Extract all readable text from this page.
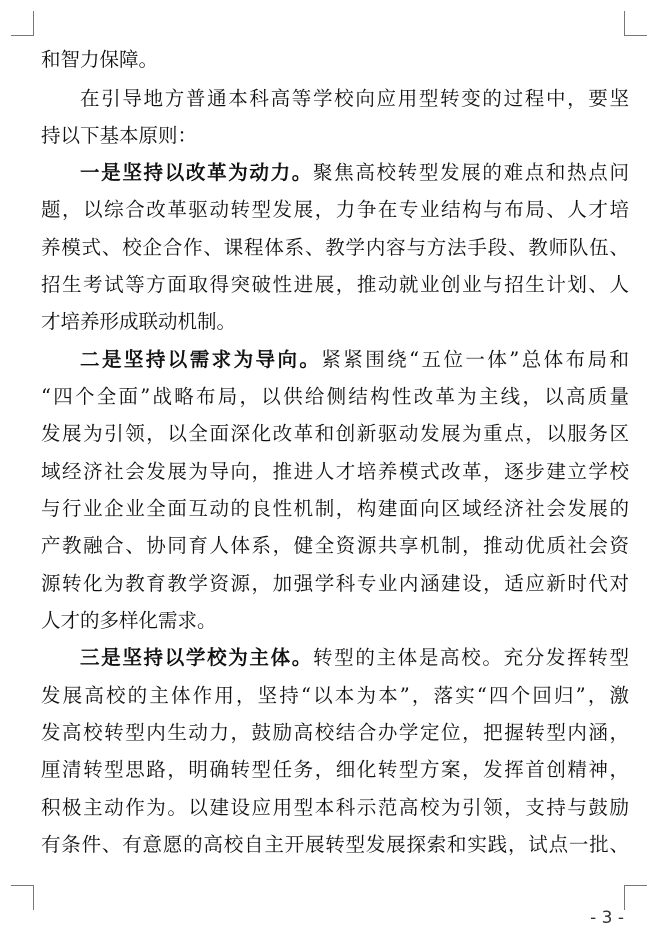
和智力保障。
在引导地方普通本科高等学校向应用型转变的过程中，要坚
持以下基本原则：
一是坚持以改革为动力。聚焦高校转型发展的难点和热点问
题，以综合改革驱动转型发展，力争在专业结构与布局、人才培
养模式、校企合作、课程体系、教学内容与方法手段、教师队伍、
招生考试等方面取得突破性进展，推动就业创业与招生计划、人
才培养形成联动机制。
二是坚持以需求为导向。紧紧围绕“五位一体”总体布局和
“四个全面”战略布局，以供给侧结构性改革为主线，以高质量
发展为引领，以全面深化改革和创新驱动发展为重点，以服务区
域经济社会发展为导向，推进人才培养模式改革，逐步建立学校
与行业企业全面互动的良性机制，构建面向区域经济社会发展的
产教融合、协同育人体系，健全资源共享机制，推动优质社会资
源转化为教育教学资源，加强学科专业内涵建设，适应新时代对
人才的多样化需求。
三是坚持以学校为主体。转型的主体是高校。充分发挥转型
发展高校的主体作用，坚持“以本为本”，落实“四个回归”，激
发高校转型内生动力，鼓励高校结合办学定位，把握转型内涵，
厘清转型思路，明确转型任务，细化转型方案，发挥首创精神，
积极主动作为。以建设应用型本科示范高校为引领，支持与鼓励
有条件、有意愿的高校自主开展转型发展探索和实践，试点一批、
- 3 -
